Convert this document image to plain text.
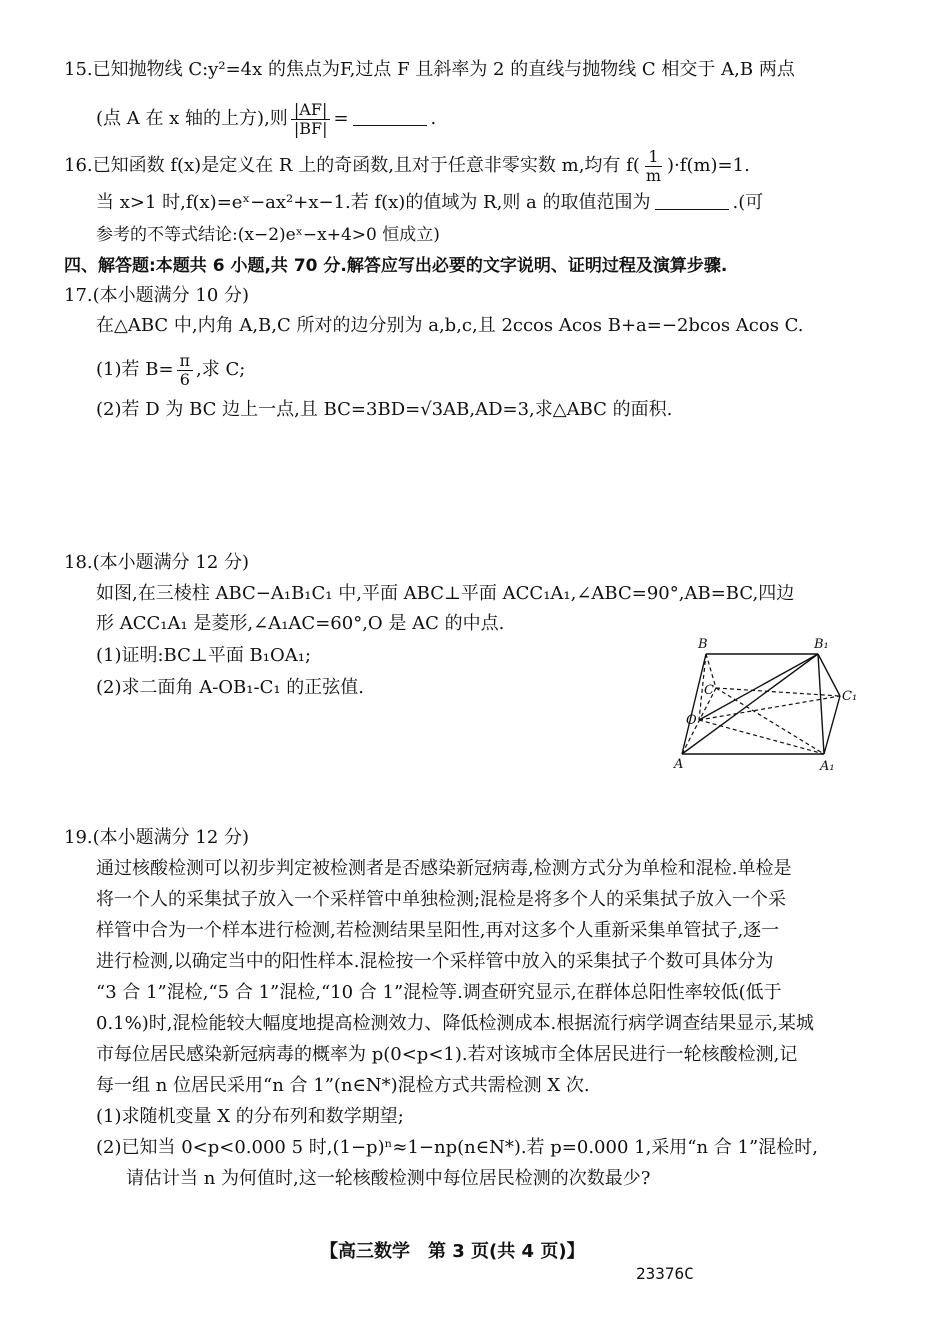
15.已知抛物线 C:y²=4x 的焦点为F,过点 F 且斜率为 2 的直线与抛物线 C 相交于 A,B 两点
(点 A 在 x 轴的上方),则 $\frac{|AF|}{|BF|}$ =	.
16.已知函数 f(x)是定义在 R 上的奇函数,且对于任意非零实数 m,均有 $f( \frac{1}{m} )\cdot f(m)=1$.
当 x>1 时,f(x)=eˣ−ax²+x−1.若 f(x)的值域为 R,则 a 的取值范围为	.(可
参考的不等式结论:(x−2)eˣ−x+4>0 恒成立)
四、解答题:本题共 6 小题,共 70 分.解答应写出必要的文字说明、证明过程及演算步骤.
17.(本小题满分 10 分)
在△ABC 中,内角 A,B,C 所对的边分别为 a,b,c,且 2ccos Acos B+a=−2bcos Acos C.
(1)若 $B= \frac{\pi}{6}$ ,求 C;
(2)若 D 为 BC 边上一点,且 BC=3BD=√3AB,AD=3,求△ABC 的面积.
18.(本小题满分 12 分)
如图,在三棱柱 ABC−A₁B₁C₁ 中,平面 ABC⊥平面 ACC₁A₁,∠ABC=90°,AB=BC,四边
形 ACC₁A₁ 是菱形,∠A₁AC=60°,O 是 AC 的中点.
(1)证明:BC⊥平面 B₁OA₁;
(2)求二面角 A-OB₁-C₁ 的正弦值.
B	B₁
C	C₁
O
A	A₁
19.(本小题满分 12 分)
通过核酸检测可以初步判定被检测者是否感染新冠病毒,检测方式分为单检和混检.单检是
将一个人的采集拭子放入一个采样管中单独检测;混检是将多个人的采集拭子放入一个采
样管中合为一个样本进行检测,若检测结果呈阳性,再对这多个人重新采集单管拭子,逐一
进行检测,以确定当中的阳性样本.混检按一个采样管中放入的采集拭子个数可具体分为
“3 合 1”混检,“5 合 1”混检,“10 合 1”混检等.调查研究显示,在群体总阳性率较低(低于
0.1%)时,混检能较大幅度地提高检测效力、降低检测成本.根据流行病学调查结果显示,某城
市每位居民感染新冠病毒的概率为 p(0<p<1).若对该城市全体居民进行一轮核酸检测,记
每一组 n 位居民采用“n 合 1”(n∈N*)混检方式共需检测 X 次.
(1)求随机变量 X 的分布列和数学期望;
(2)已知当 0<p<0.000 5 时,(1−p)ⁿ≈1−np(n∈N*).若 p=0.000 1,采用“n 合 1”混检时,
请估计当 n 为何值时,这一轮核酸检测中每位居民检测的次数最少?
【高三数学　第 3 页(共 4 页)】
23376C
